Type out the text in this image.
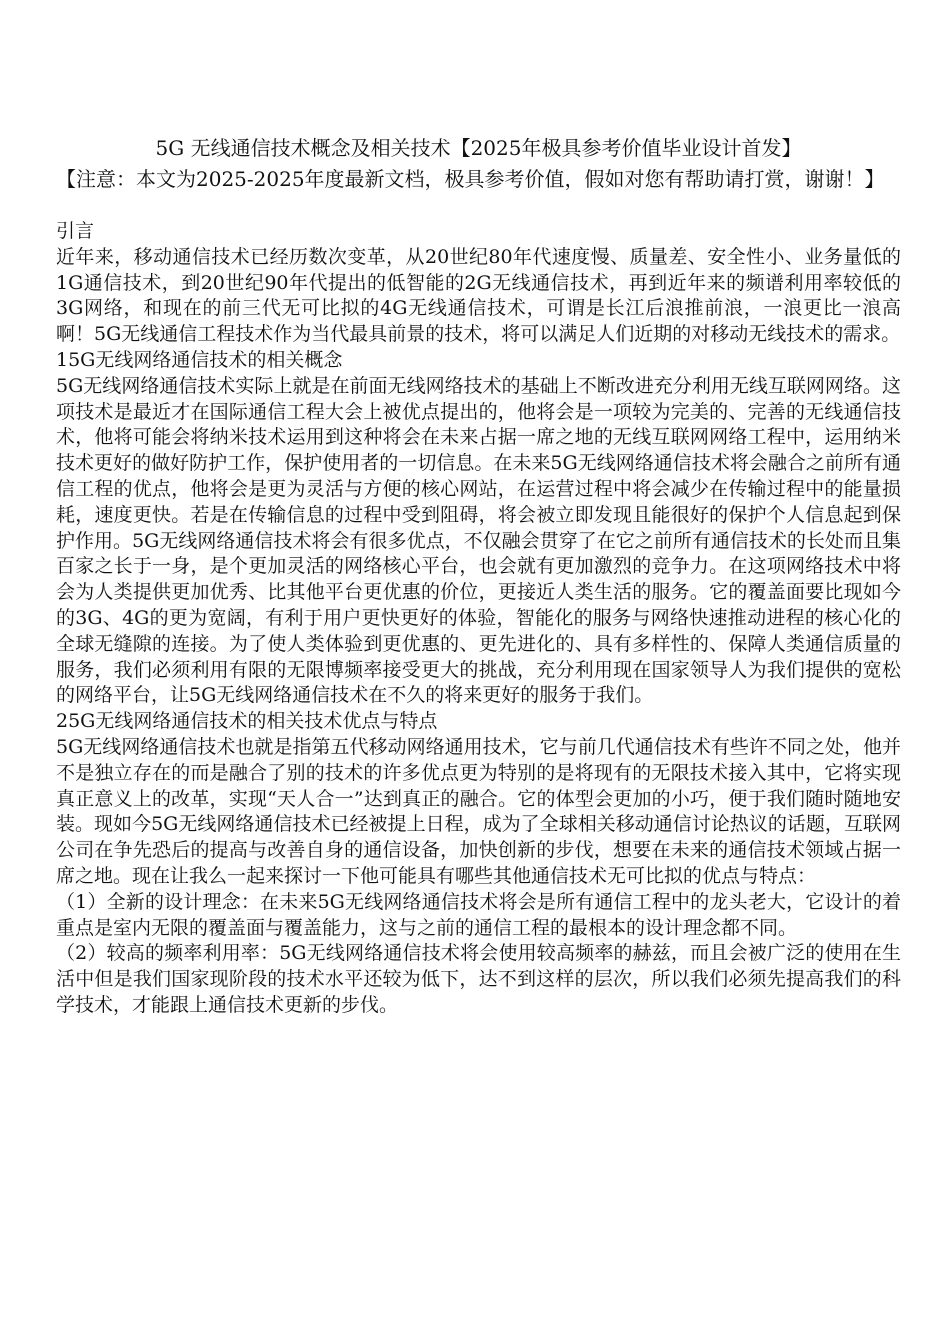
5G 无线通信技术概念及相关技术【2025年极具参考价值毕业设计首发】

【注意：本文为2025-2025年度最新文档，极具参考价值，假如对您有帮助请打赏，谢谢！】

引言

近年来，移动通信技术已经历数次变革，从20世纪80年代速度慢、质量差、安全性小、业务量低的1G通信技术，到20世纪90年代提出的低智能的2G无线通信技术，再到近年来的频谱利用率较低的3G网络，和现在的前三代无可比拟的4G无线通信技术，可谓是长江后浪推前浪，一浪更比一浪高啊！5G无线通信工程技术作为当代最具前景的技术，将可以满足人们近期的对移动无线技术的需求。

15G无线网络通信技术的相关概念

5G无线网络通信技术实际上就是在前面无线网络技术的基础上不断改进充分利用无线互联网网络。这项技术是最近才在国际通信工程大会上被优点提出的，他将会是一项较为完美的、完善的无线通信技术，他将可能会将纳米技术运用到这种将会在未来占据一席之地的无线互联网网络工程中，运用纳米技术更好的做好防护工作，保护使用者的一切信息。在未来5G无线网络通信技术将会融合之前所有通信工程的优点，他将会是更为灵活与方便的核心网站，在运营过程中将会减少在传输过程中的能量损耗，速度更快。若是在传输信息的过程中受到阻碍，将会被立即发现且能很好的保护个人信息起到保护作用。5G无线网络通信技术将会有很多优点，不仅融会贯穿了在它之前所有通信技术的长处而且集百家之长于一身，是个更加灵活的网络核心平台，也会就有更加激烈的竞争力。在这项网络技术中将会为人类提供更加优秀、比其他平台更优惠的价位，更接近人类生活的服务。它的覆盖面要比现如今的3G、4G的更为宽阔，有利于用户更快更好的体验，智能化的服务与网络快速推动进程的核心化的全球无缝隙的连接。为了使人类体验到更优惠的、更先进化的、具有多样性的、保障人类通信质量的服务，我们必须利用有限的无限博频率接受更大的挑战，充分利用现在国家领导人为我们提供的宽松的网络平台，让5G无线网络通信技术在不久的将来更好的服务于我们。

25G无线网络通信技术的相关技术优点与特点

5G无线网络通信技术也就是指第五代移动网络通用技术，它与前几代通信技术有些许不同之处，他并不是独立存在的而是融合了别的技术的许多优点更为特别的是将现有的无限技术接入其中，它将实现真正意义上的改革，实现“天人合一”达到真正的融合。它的体型会更加的小巧，便于我们随时随地安装。现如今5G无线网络通信技术已经被提上日程，成为了全球相关移动通信讨论热议的话题，互联网公司在争先恐后的提高与改善自身的通信设备，加快创新的步伐，想要在未来的通信技术领域占据一席之地。现在让我么一起来探讨一下他可能具有哪些其他通信技术无可比拟的优点与特点：

（1）全新的设计理念：在未来5G无线网络通信技术将会是所有通信工程中的龙头老大，它设计的着重点是室内无限的覆盖面与覆盖能力，这与之前的通信工程的最根本的设计理念都不同。

（2）较高的频率利用率：5G无线网络通信技术将会使用较高频率的赫兹，而且会被广泛的使用在生活中但是我们国家现阶段的技术水平还较为低下，达不到这样的层次，所以我们必须先提高我们的科学技术，才能跟上通信技术更新的步伐。
